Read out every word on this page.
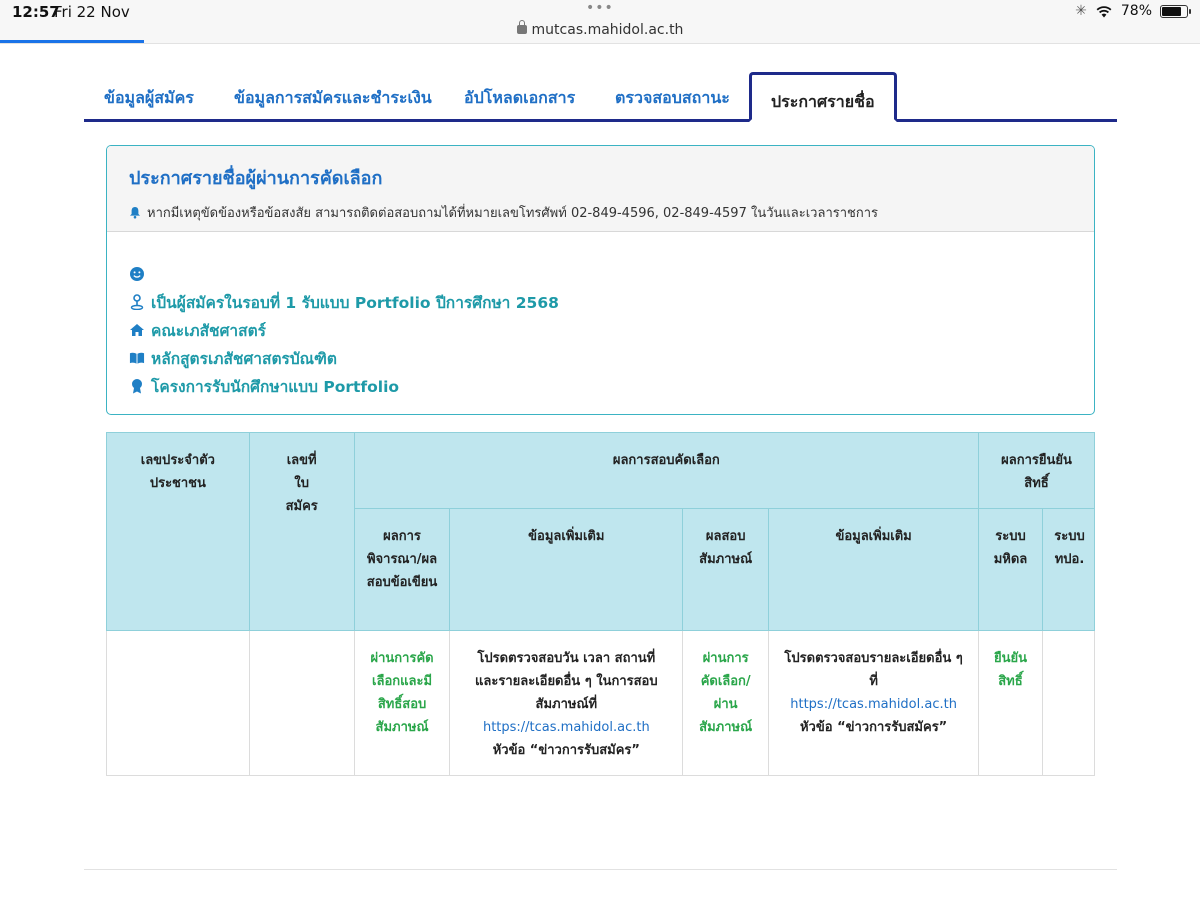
12:57
Fri 22 Nov	•••
mutcas.mahidol.ac.th
✳ 78%
ข้อมูลผู้สมัคร	ข้อมูลการสมัครและชำระเงิน อัปโหลดเอกสาร ตรวจสอบสถานะ	ประกาศรายชื่อ
ประกาศรายชื่อผู้ผ่านการคัดเลือก
หากมีเหตุขัดข้องหรือข้อสงสัย สามารถติดต่อสอบถามได้ที่หมายเลขโทรศัพท์ 02-849-4596, 02-849-4597 ในวันและเวลาราชการ
เป็นผู้สมัครในรอบที่ 1 รับแบบ Portfolio ปีการศึกษา 2568
คณะเภสัชศาสตร์
หลักสูตรเภสัชศาสตรบัณฑิต
โครงการรับนักศึกษาแบบ Portfolio
เลขประจำตัวประชาชน	เลขที่ใบสมัคร	ผลการสอบคัดเลือก				ผลการยืนยันสิทธิ์	
		ผลการพิจารณา/ผลสอบข้อเขียน	ข้อมูลเพิ่มเติม	ผลสอบสัมภาษณ์	ข้อมูลเพิ่มเติม	ระบบมหิดล	ระบบทปอ.
		ผ่านการคัดเลือกและมีสิทธิ์สอบสัมภาษณ์	โปรดตรวจสอบวัน เวลา สถานที่และรายละเอียดอื่น ๆ ในการสอบสัมภาษณ์ที่
https://tcas.mahidol.ac.th
หัวข้อ “ข่าวการรับสมัคร”	ผ่านการคัดเลือก/ผ่านสัมภาษณ์	โปรดตรวจสอบรายละเอียดอื่น ๆ ที่
https://tcas.mahidol.ac.th
หัวข้อ “ข่าวการรับสมัคร”	ยืนยันสิทธิ์	
